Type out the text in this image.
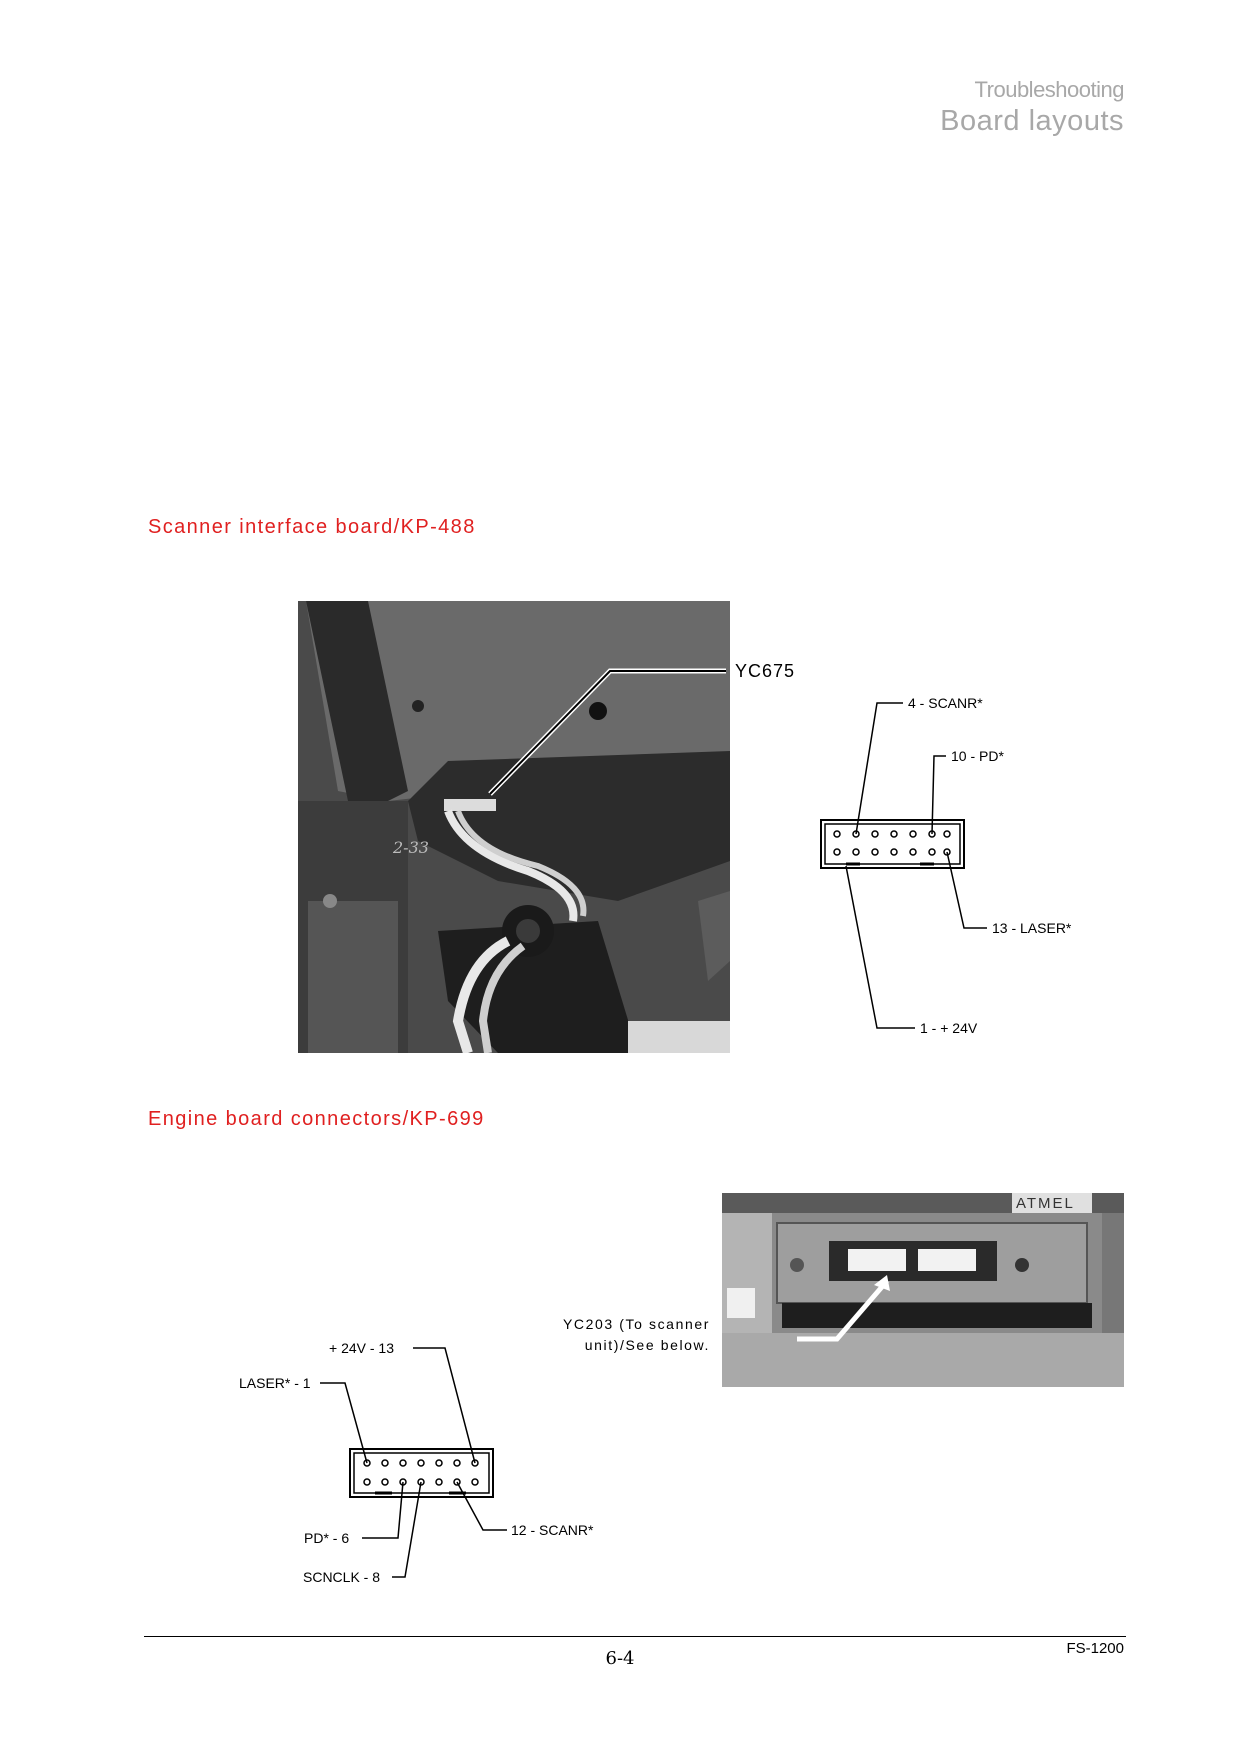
Troubleshooting
Board layouts
Scanner interface board/KP-488
2-33
YC675
4 - SCANR*
10 - PD*
13 - LASER*
1 - + 24V
Engine board connectors/KP-699
ATMEL
YC203 (To scanner
unit)/See below.
+ 24V - 13
LASER* - 1
PD* - 6
SCNCLK - 8
12 - SCANR*
FS-1200
6-4
